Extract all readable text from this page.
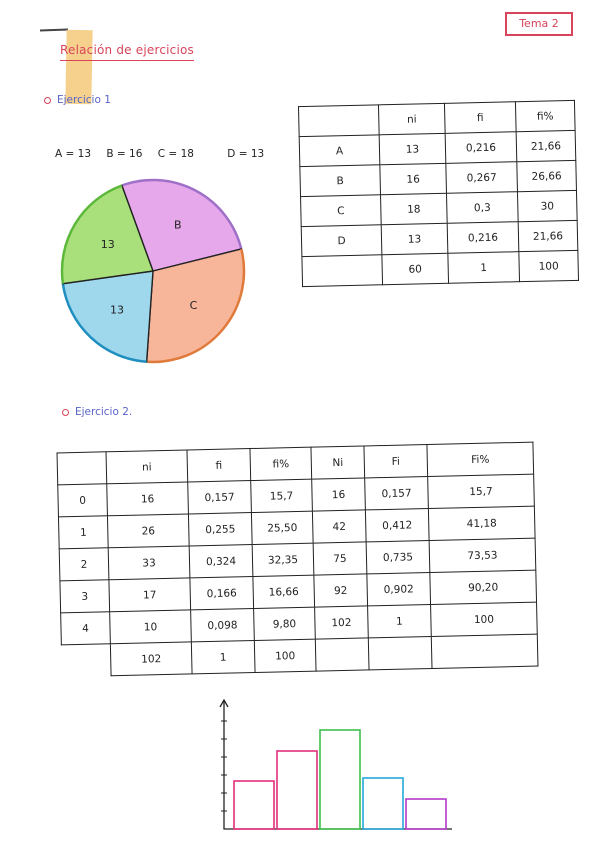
Tema 2
Relación de ejercicios
Ejercicio 1
A = 13 B = 16 C = 18	D = 13
B
C
13
13
	ni	fi	fi%
A	13	0,216	21,66
B	16	0,267	26,66
C	18	0,3	30
D	13	0,216	21,66
	60	1	100
Ejercicio 2.
	ni	fi	fi%	Ni	Fi	Fi%
0	16	0,157	15,7	16	0,157	15,7
1	26	0,255	25,50	42	0,412	41,18
2	33	0,324	32,35	75	0,735	73,53
3	17	0,166	16,66	92	0,902	90,20
4	10	0,098	9,80	102	1	100
	102	1	100			
